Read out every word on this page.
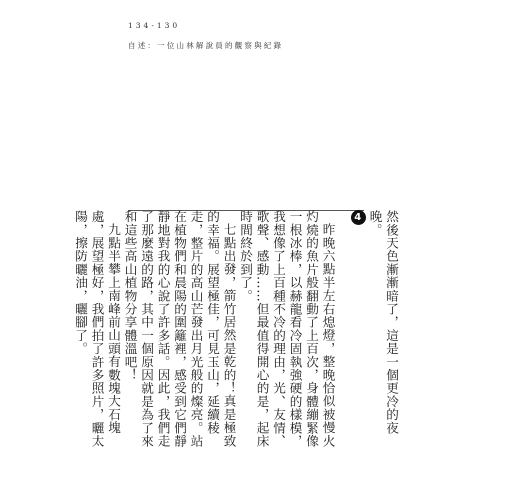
134-130
自述：一位山林解說員的觀察與紀錄

然後天色漸漸暗了，這是一個更冷的夜晚。

4

昨晚六點半左右熄燈，整晚恰似被慢火灼燒的魚片般翻動了上百次，身體繃緊像一根冰棒，以赫龍看冷固執強硬的樣模，我想像了上百種不冷的理由，光、友情、歌聲、感動……但最值得開心的是，起床時間終於到了。

七點出發，箭竹居然是乾的！真是極致的幸福。展望極佳，可見玉山，延續稜走，整片的高山芒發出月光般的燦亮。站在植物們和晨陽的圍籬裡，感受到它們靜靜地對我的心說了許多話。因此，我們走了那麼遠的路，其中一個原因就是為了來和這些高山植物分享體溫吧！

九點半攀上南峰前山頭有數塊大石塊處，展望極好，我們拍了許多照片，曬太陽，擦防曬油，曬腳了。
